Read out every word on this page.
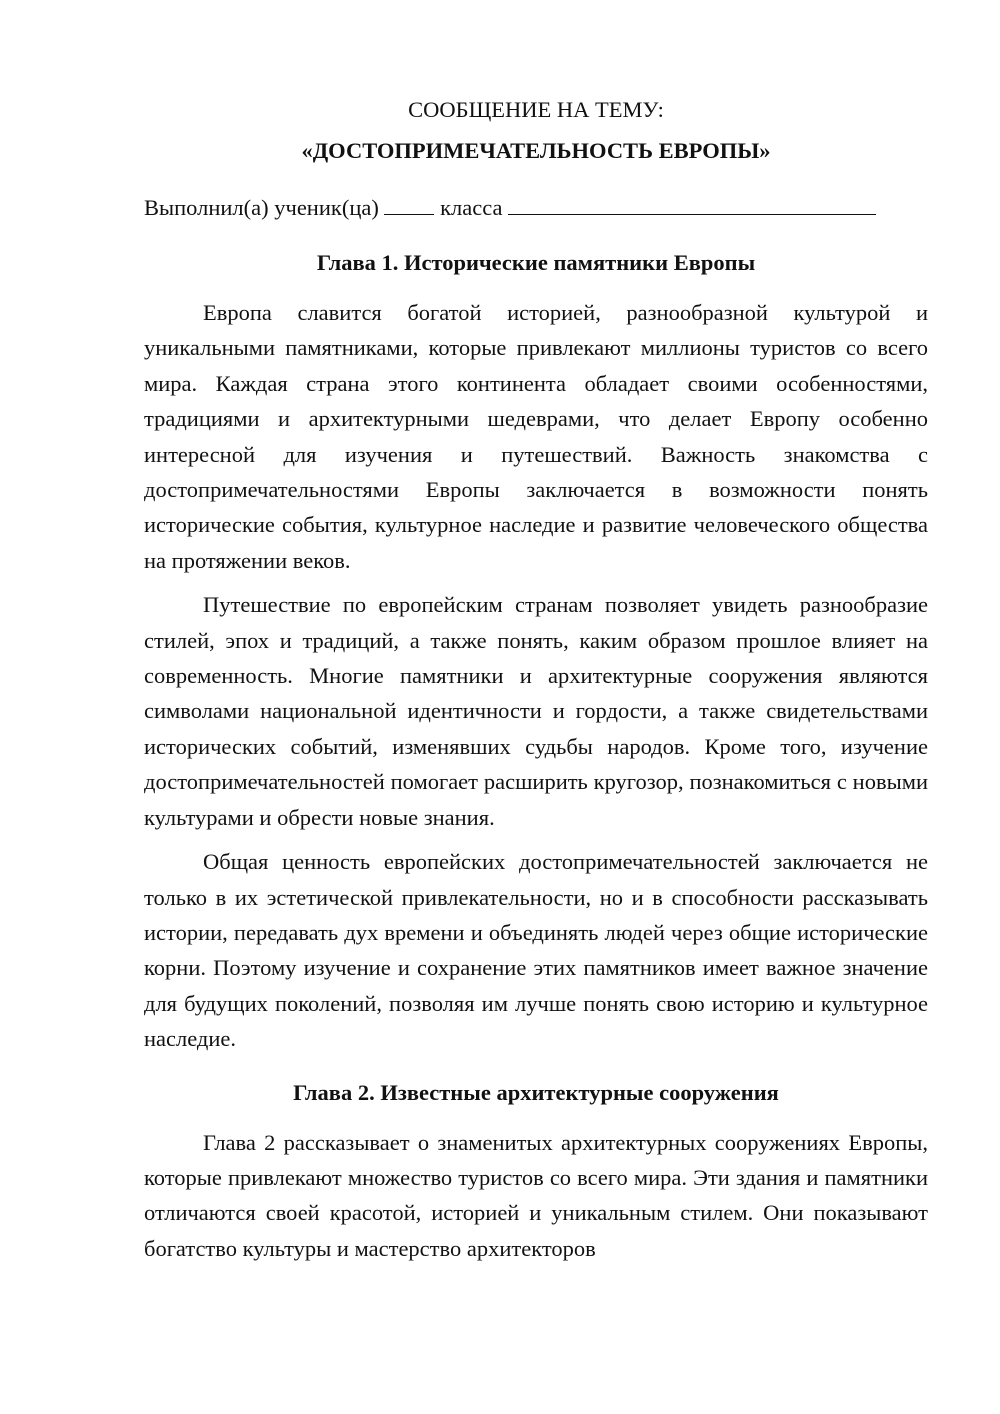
СООБЩЕНИЕ НА ТЕМУ:

«ДОСТОПРИМЕЧАТЕЛЬНОСТЬ ЕВРОПЫ»

Выполнил(а) ученик(ца)	класса
Глава 1. Исторические памятники Европы

Европа славится богатой историей, разнообразной культурой и уникальными памятниками, которые привлекают миллионы туристов со всего мира. Каждая страна этого континента обладает своими особенностями, традициями и архитектурными шедеврами, что делает Европу особенно интересной для изучения и путешествий. Важность знакомства с достопримечательностями Европы заключается в возможности понять исторические события, культурное наследие и развитие человеческого общества на протяжении веков.

Путешествие по европейским странам позволяет увидеть разнообразие стилей, эпох и традиций, а также понять, каким образом прошлое влияет на современность. Многие памятники и архитектурные сооружения являются символами национальной идентичности и гордости, а также свидетельствами исторических событий, изменявших судьбы народов. Кроме того, изучение достопримечательностей помогает расширить кругозор, познакомиться с новыми культурами и обрести новые знания.

Общая ценность европейских достопримечательностей заключается не только в их эстетической привлекательности, но и в способности рассказывать истории, передавать дух времени и объединять людей через общие исторические корни. Поэтому изучение и сохранение этих памятников имеет важное значение для будущих поколений, позволяя им лучше понять свою историю и культурное наследие.

Глава 2. Известные архитектурные сооружения

Глава 2 рассказывает о знаменитых архитектурных сооружениях Европы, которые привлекают множество туристов со всего мира. Эти здания и памятники отличаются своей красотой, историей и уникальным стилем. Они показывают богатство культуры и мастерство архитекторов
